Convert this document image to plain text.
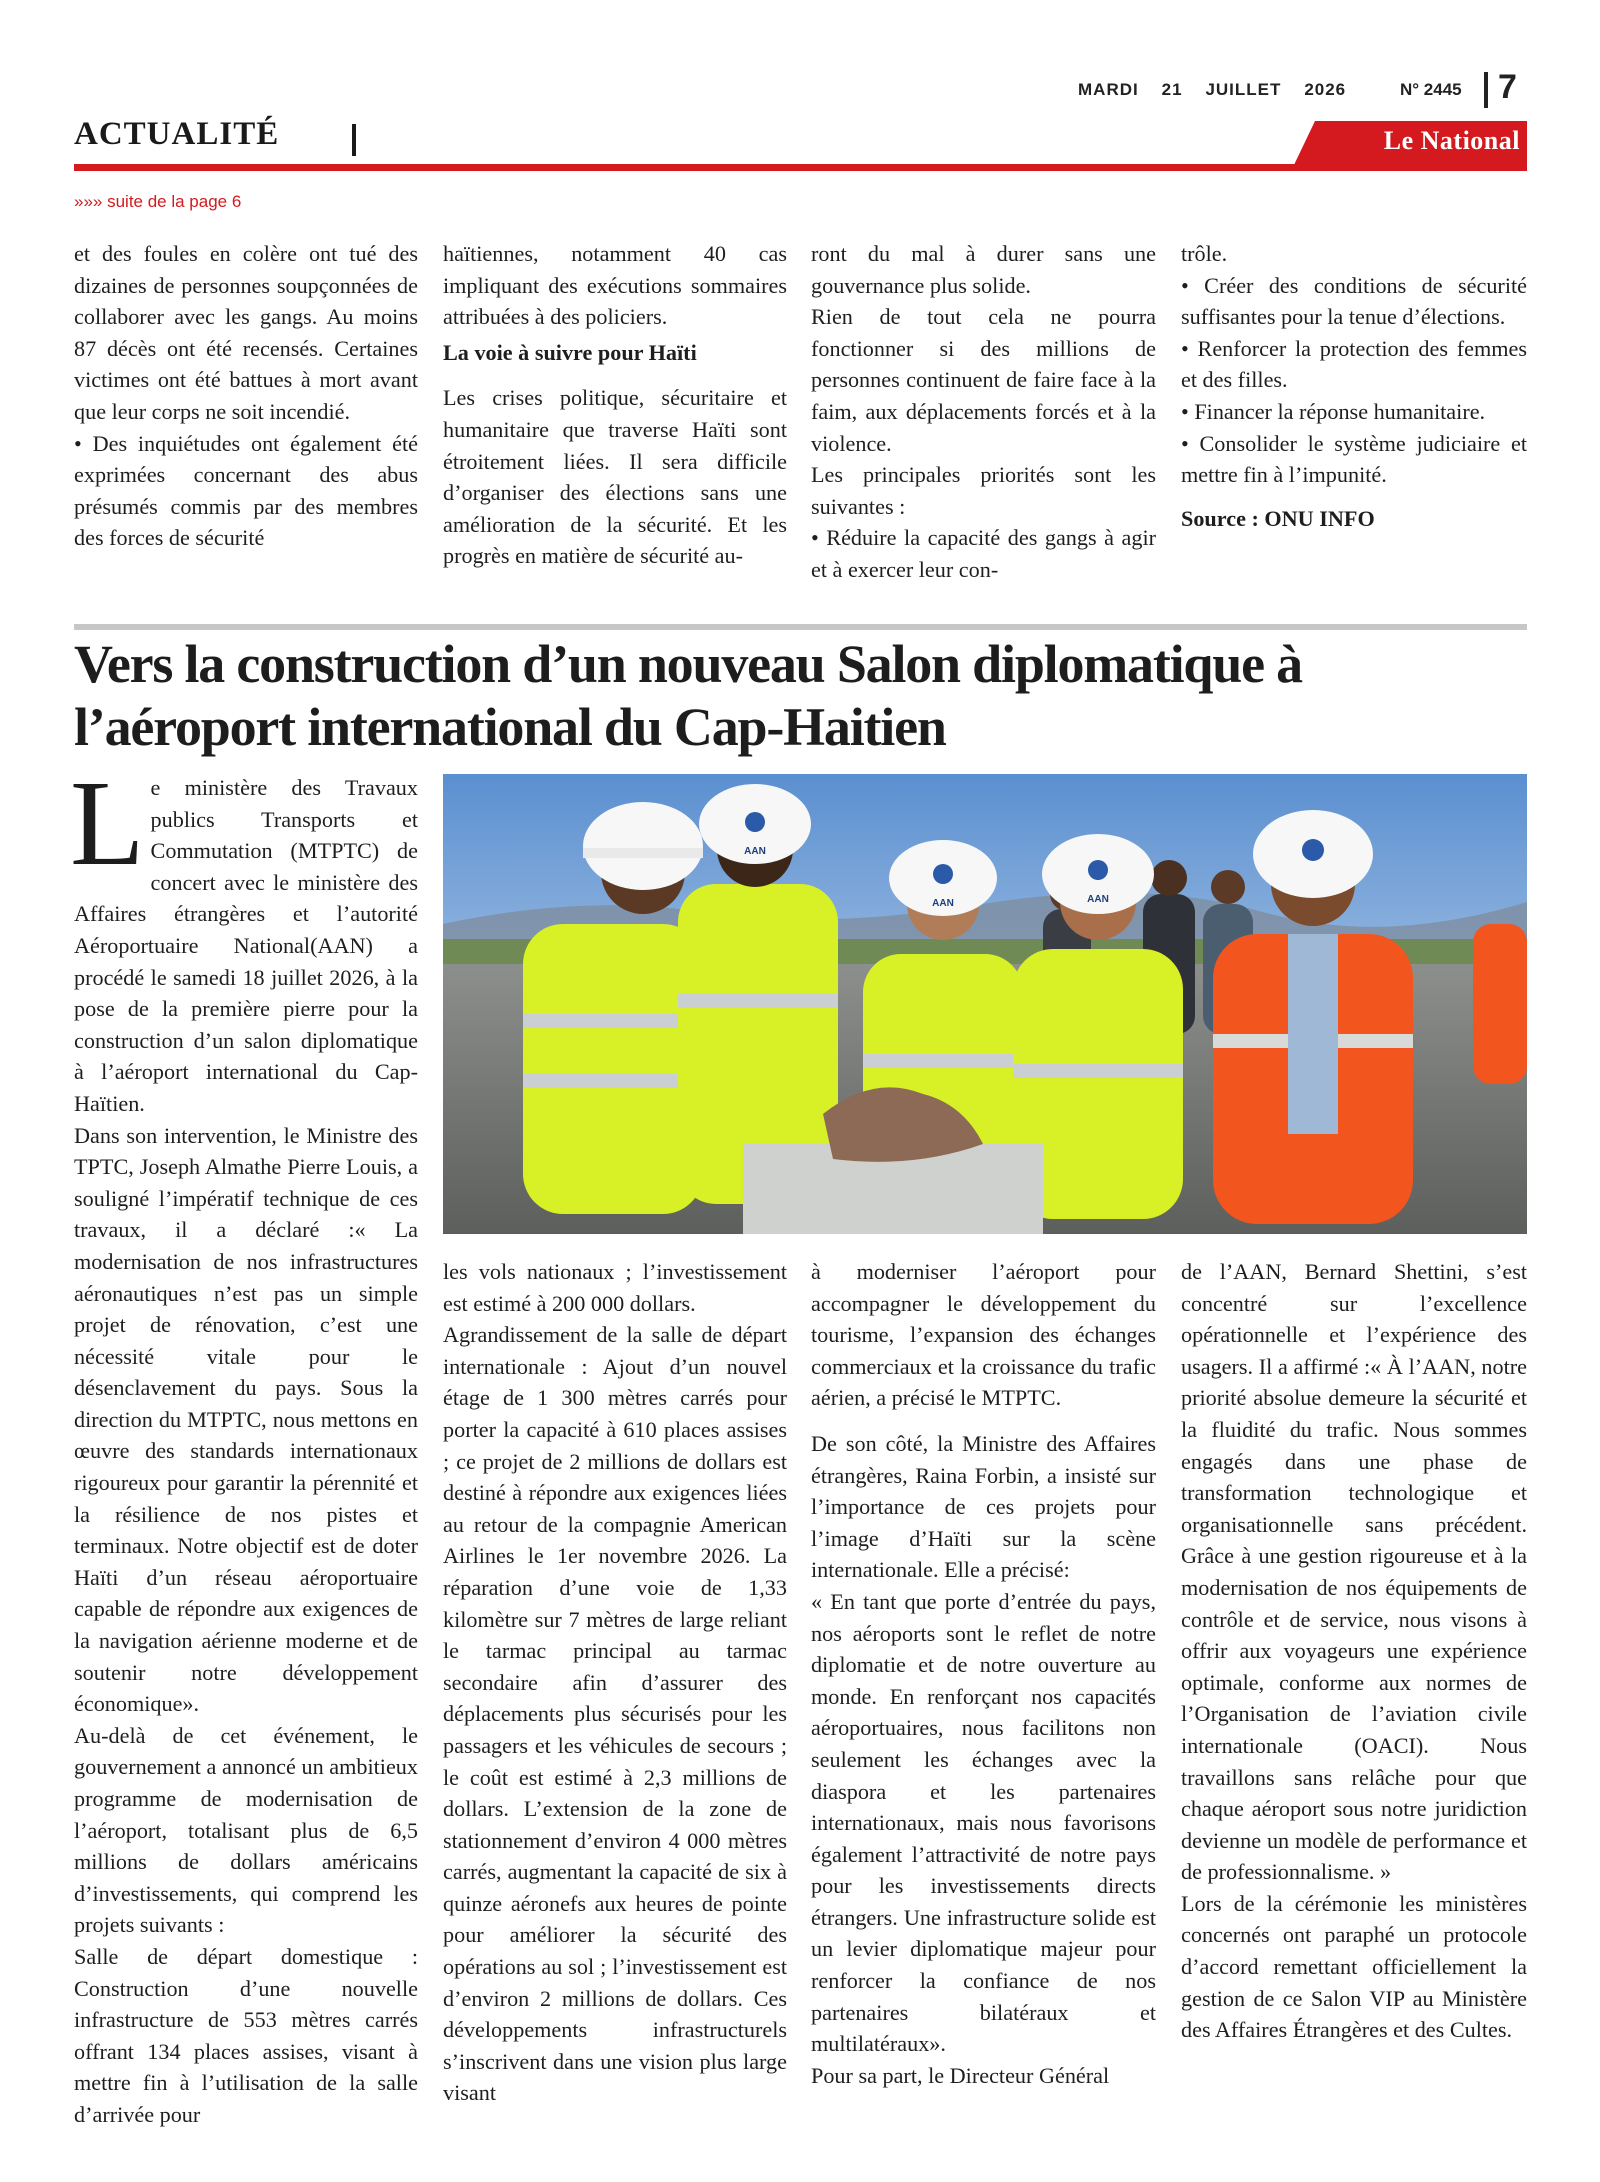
MARDI 21 JUILLET 2026	N° 2445 7
ACTUALITÉ	Le National
»»» suite de la page 6

et des foules en colère ont tué des dizaines de personnes soupçonnées de collaborer avec les gangs. Au moins 87 décès ont été recensés. Certaines victimes ont été battues à mort avant que leur corps ne soit incendié.

• Des inquiétudes ont également été exprimées concernant des abus présumés commis par des membres des forces de sécurité

haïtiennes, notamment 40 cas impliquant des exécutions sommaires attribuées à des policiers.

La voie à suivre pour Haïti

Les crises politique, sécuritaire et humanitaire que traverse Haïti sont étroitement liées. Il sera difficile d’organiser des élections sans une amélioration de la sécurité. Et les progrès en matière de sécurité au-

ront du mal à durer sans une gouvernance plus solide.

Rien de tout cela ne pourra fonctionner si des millions de personnes continuent de faire face à la faim, aux déplacements forcés et à la violence.

Les principales priorités sont les suivantes :

• Réduire la capacité des gangs à agir et à exercer leur con-

trôle.

• Créer des conditions de sécurité suffisantes pour la tenue d’élections.

• Renforcer la protection des femmes et des filles.

• Financer la réponse humanitaire.

• Consolider le système judiciaire et mettre fin à l’impunité.

Source : ONU INFO

Vers la construction d’un nouveau Salon diplomatique à l’aéroport international du Cap-Haitien

Le ministère des Travaux publics Transports et Commutation (MTPTC) de concert avec le ministère des Affaires étrangères et l’autorité Aéroportuaire National(AAN) a procédé le samedi 18 juillet 2026, à la pose de la première pierre pour la construction d’un salon diplomatique à l’aéroport international du Cap-Haïtien.

Dans son intervention, le Ministre des TPTC, Joseph Almathe Pierre Louis, a souligné l’impératif technique de ces travaux, il a déclaré :« La modernisation de nos infrastructures aéronautiques n’est pas un simple projet de rénovation, c’est une nécessité vitale pour le désenclavement du pays. Sous la direction du MTPTC, nous mettons en œuvre des standards internationaux rigoureux pour garantir la pérennité et la résilience de nos pistes et terminaux. Notre objectif est de doter Haïti d’un réseau aéroportuaire capable de répondre aux exigences de la navigation aérienne moderne et de soutenir notre développement économique».

Au-delà de cet événement, le gouvernement a annoncé un ambitieux programme de modernisation de l’aéroport, totalisant plus de 6,5 millions de dollars américains d’investissements, qui comprend les projets suivants :

Salle de départ domestique : Construction d’une nouvelle infrastructure de 553 mètres carrés offrant 134 places assises, visant à mettre fin à l’utilisation de la salle d’arrivée pour

AAN
AAN	AAN

les vols nationaux ; l’investissement est estimé à 200 000 dollars.

Agrandissement de la salle de départ internationale : Ajout d’un nouvel étage de 1 300 mètres carrés pour porter la capacité à 610 places assises ; ce projet de 2 millions de dollars est destiné à répondre aux exigences liées au retour de la compagnie American Airlines le 1er novembre 2026. La réparation d’une voie de 1,33 kilomètre sur 7 mètres de large reliant le tarmac principal au tarmac secondaire afin d’assurer des déplacements plus sécurisés pour les passagers et les véhicules de secours ; le coût est estimé à 2,3 millions de dollars. L’extension de la zone de stationnement d’environ 4 000 mètres carrés, augmentant la capacité de six à quinze aéronefs aux heures de pointe pour améliorer la sécurité des opérations au sol ; l’investissement est d’environ 2 millions de dollars. Ces développements infrastructurels s’inscrivent dans une vision plus large visant

à moderniser l’aéroport pour accompagner le développement du tourisme, l’expansion des échanges commerciaux et la croissance du trafic aérien, a précisé le MTPTC.

De son côté, la Ministre des Affaires étrangères, Raina Forbin, a insisté sur l’importance de ces projets pour l’image d’Haïti sur la scène internationale. Elle a précisé:

« En tant que porte d’entrée du pays, nos aéroports sont le reflet de notre diplomatie et de notre ouverture au monde. En renforçant nos capacités aéroportuaires, nous facilitons non seulement les échanges avec la diaspora et les partenaires internationaux, mais nous favorisons également l’attractivité de notre pays pour les investissements directs étrangers. Une infrastructure solide est un levier diplomatique majeur pour renforcer la confiance de nos partenaires bilatéraux et multilatéraux».

Pour sa part, le Directeur Général

de l’AAN, Bernard Shettini, s’est concentré sur l’excellence opérationnelle et l’expérience des usagers. Il a affirmé :« À l’AAN, notre priorité absolue demeure la sécurité et la fluidité du trafic. Nous sommes engagés dans une phase de transformation technologique et organisationnelle sans précédent. Grâce à une gestion rigoureuse et à la modernisation de nos équipements de contrôle et de service, nous visons à offrir aux voyageurs une expérience optimale, conforme aux normes de l’Organisation de l’aviation civile internationale (OACI). Nous travaillons sans relâche pour que chaque aéroport sous notre juridiction devienne un modèle de performance et de professionnalisme. »

Lors de la cérémonie les ministères concernés ont paraphé un protocole d’accord remettant officiellement la gestion de ce Salon VIP au Ministère des Affaires Étrangères et des Cultes.
